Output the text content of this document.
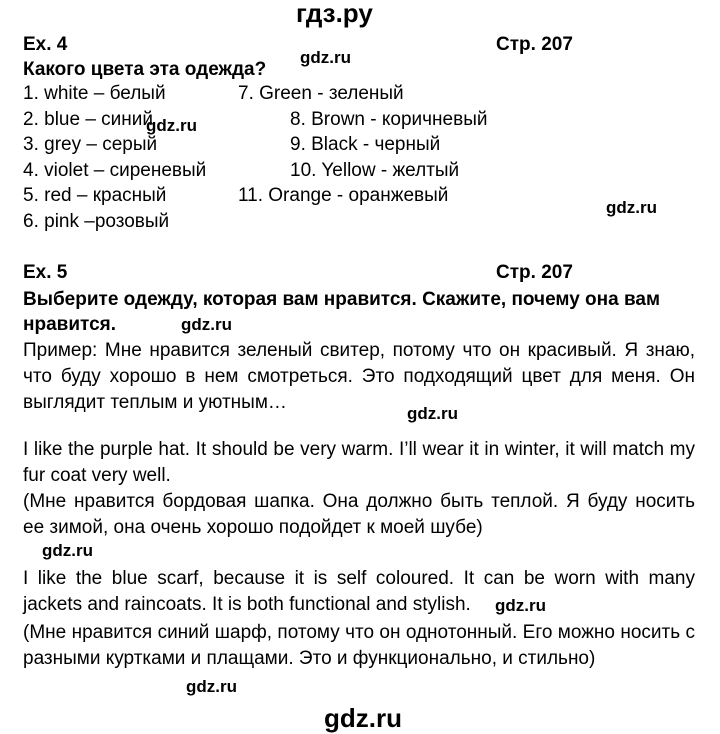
гдз.ру
Ex. 4	Стр. 207
gdz.ru
Какого цвета эта одежда?
1. white – белый
2. blue – синий
3. grey – серый
4. violet – сиреневый
5. red – красный
6. pink –розовый
7. Green - зеленый
8. Brown - коричневый
9. Black - черный
10. Yellow - желтый
11. Orange - оранжевый
gdz.ru
gdz.ru
Ex. 5	Стр. 207
Выберите одежду, которая вам нравится. Скажите, почему она вам
нравится.	gdz.ru
Пример: Мне нравится зеленый свитер, потому что он красивый. Я знаю, что буду хорошо в нем смотреться. Это подходящий цвет для меня. Он выглядит теплым и уютным…
gdz.ru
I like the purple hat. It should be very warm. I’ll wear it in winter, it will match my fur coat very well.
(Мне нравится бордовая шапка. Она должно быть теплой. Я буду носить ее зимой, она очень хорошо подойдет к моей шубе)
gdz.ru
I like the blue scarf, because it is self coloured. It can be worn with many jackets and raincoats. It is both functional and stylish.	gdz.ru
(Мне нравится синий шарф, потому что он однотонный. Его можно носить с разными куртками и плащами. Это и функционально, и стильно)
gdz.ru
gdz.ru
